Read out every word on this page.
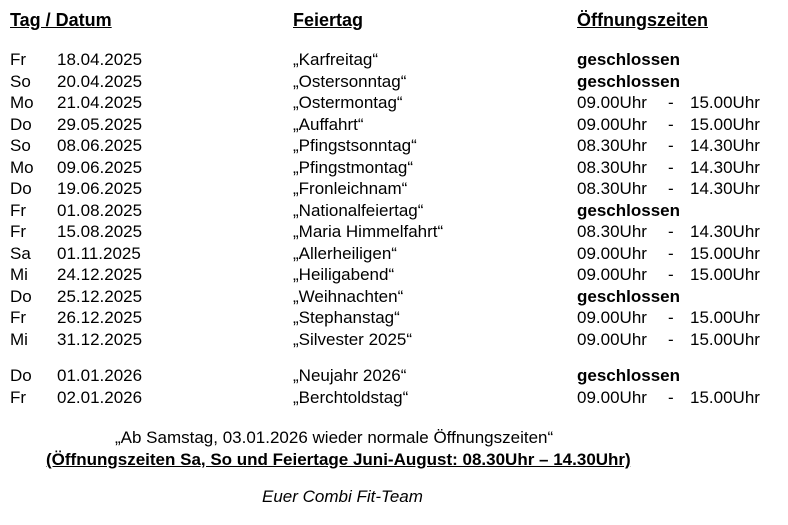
Tag / Datum	Feiertag	Öffnungszeiten
Fr 18.04.2025	„Karfreitag“	geschlossen
So 20.04.2025	„Ostersonntag“	geschlossen
Mo 21.04.2025	„Ostermontag“	09.00Uhr - 15.00Uhr
Do 29.05.2025	„Auffahrt“	09.00Uhr - 15.00Uhr
So 08.06.2025	„Pfingstsonntag“	08.30Uhr - 14.30Uhr
Mo 09.06.2025	„Pfingstmontag“	08.30Uhr - 14.30Uhr
Do 19.06.2025	„Fronleichnam“	08.30Uhr - 14.30Uhr
Fr 01.08.2025	„Nationalfeiertag“	geschlossen
Fr 15.08.2025	„Maria Himmelfahrt“	08.30Uhr - 14.30Uhr
Sa 01.11.2025	„Allerheiligen“	09.00Uhr - 15.00Uhr
Mi 24.12.2025	„Heiligabend“	09.00Uhr - 15.00Uhr
Do 25.12.2025	„Weihnachten“	geschlossen
Fr 26.12.2025	„Stephanstag“	09.00Uhr - 15.00Uhr
Mi 31.12.2025	„Silvester 2025“	09.00Uhr - 15.00Uhr
Do 01.01.2026	„Neujahr 2026“	geschlossen
Fr 02.01.2026	„Berchtoldstag“	09.00Uhr - 15.00Uhr
„Ab Samstag, 03.01.2026 wieder normale Öffnungszeiten“
(Öffnungszeiten Sa, So und Feiertage Juni-August: 08.30Uhr – 14.30Uhr)
Euer Combi Fit-Team
